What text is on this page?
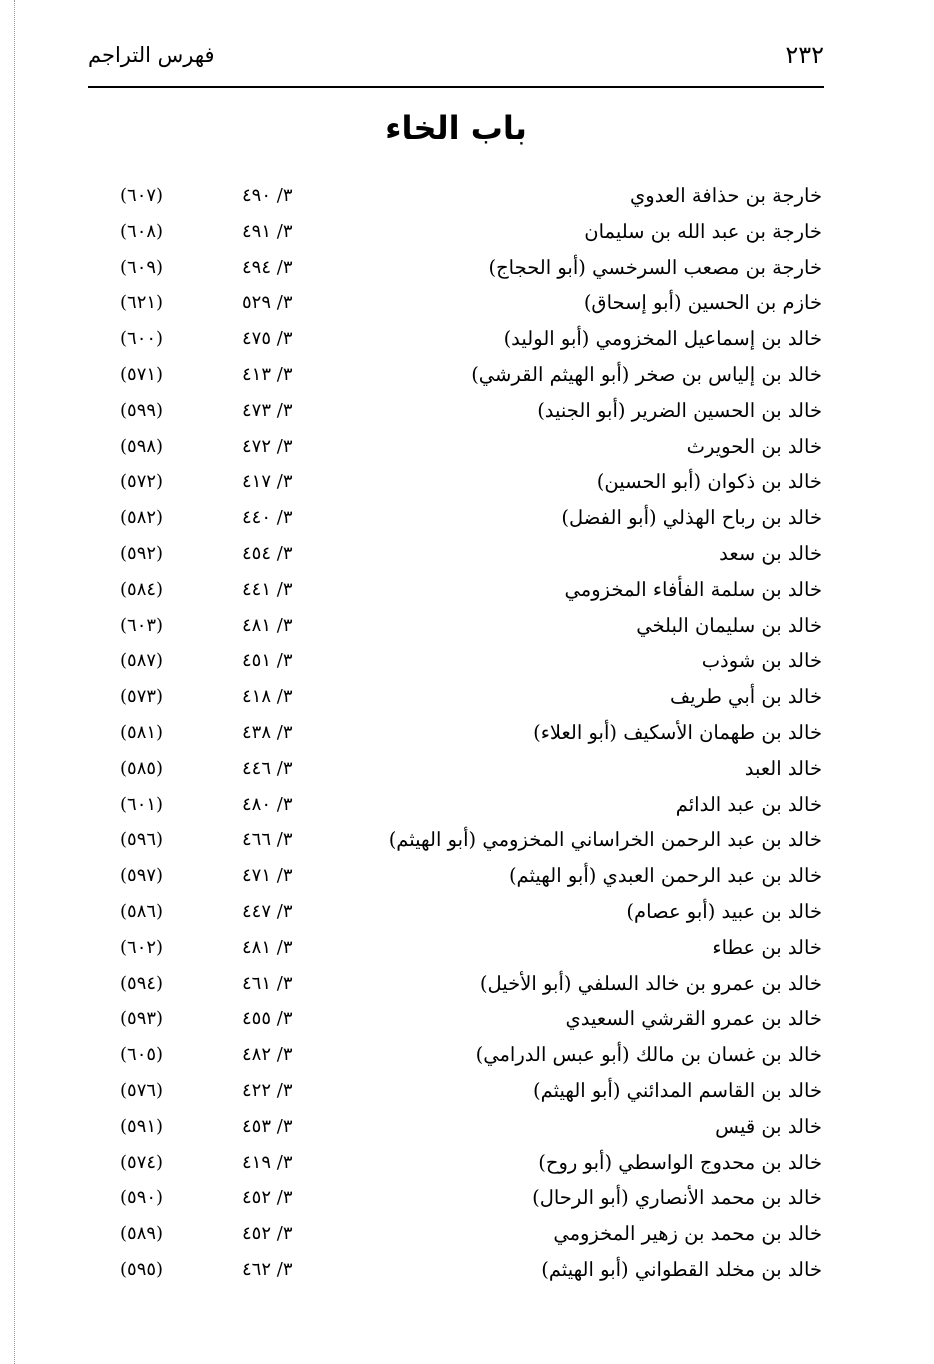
٢٣٢
فهرس التراجم
باب الخاء
خارجة بن حذافة العدوي
٣/ ٤٩٠
(٦٠٧)
خارجة بن عبد الله بن سليمان
٣/ ٤٩١
(٦٠٨)
خارجة بن مصعب السرخسي (أبو الحجاج)
٣/ ٤٩٤
(٦٠٩)
خازم بن الحسين (أبو إسحاق)
٣/ ٥٢٩
(٦٢١)
خالد بن إسماعيل المخزومي (أبو الوليد)
٣/ ٤٧٥
(٦٠٠)
خالد بن إلياس بن صخر (أبو الهيثم القرشي)
٣/ ٤١٣
(٥٧١)
خالد بن الحسين الضرير (أبو الجنيد)
٣/ ٤٧٣
(٥٩٩)
خالد بن الحويرث
٣/ ٤٧٢
(٥٩٨)
خالد بن ذكوان (أبو الحسين)
٣/ ٤١٧
(٥٧٢)
خالد بن رباح الهذلي (أبو الفضل)
٣/ ٤٤٠
(٥٨٢)
خالد بن سعد
٣/ ٤٥٤
(٥٩٢)
خالد بن سلمة الفأفاء المخزومي
٣/ ٤٤١
(٥٨٤)
خالد بن سليمان البلخي
٣/ ٤٨١
(٦٠٣)
خالد بن شوذب
٣/ ٤٥١
(٥٨٧)
خالد بن أبي طريف
٣/ ٤١٨
(٥٧٣)
خالد بن طهمان الأسكيف (أبو العلاء)
٣/ ٤٣٨
(٥٨١)
خالد العبد
٣/ ٤٤٦
(٥٨٥)
خالد بن عبد الدائم
٣/ ٤٨٠
(٦٠١)
خالد بن عبد الرحمن الخراساني المخزومي (أبو الهيثم)
٣/ ٤٦٦
(٥٩٦)
خالد بن عبد الرحمن العبدي (أبو الهيثم)
٣/ ٤٧١
(٥٩٧)
خالد بن عبيد (أبو عصام)
٣/ ٤٤٧
(٥٨٦)
خالد بن عطاء
٣/ ٤٨١
(٦٠٢)
خالد بن عمرو بن خالد السلفي (أبو الأخيل)
٣/ ٤٦١
(٥٩٤)
خالد بن عمرو القرشي السعيدي
٣/ ٤٥٥
(٥٩٣)
خالد بن غسان بن مالك (أبو عبس الدرامي)
٣/ ٤٨٢
(٦٠٥)
خالد بن القاسم المدائني (أبو الهيثم)
٣/ ٤٢٢
(٥٧٦)
خالد بن قيس
٣/ ٤٥٣
(٥٩١)
خالد بن محدوج الواسطي (أبو روح)
٣/ ٤١٩
(٥٧٤)
خالد بن محمد الأنصاري (أبو الرحال)
٣/ ٤٥٢
(٥٩٠)
خالد بن محمد بن زهير المخزومي
٣/ ٤٥٢
(٥٨٩)
خالد بن مخلد القطواني (أبو الهيثم)
٣/ ٤٦٢
(٥٩٥)
